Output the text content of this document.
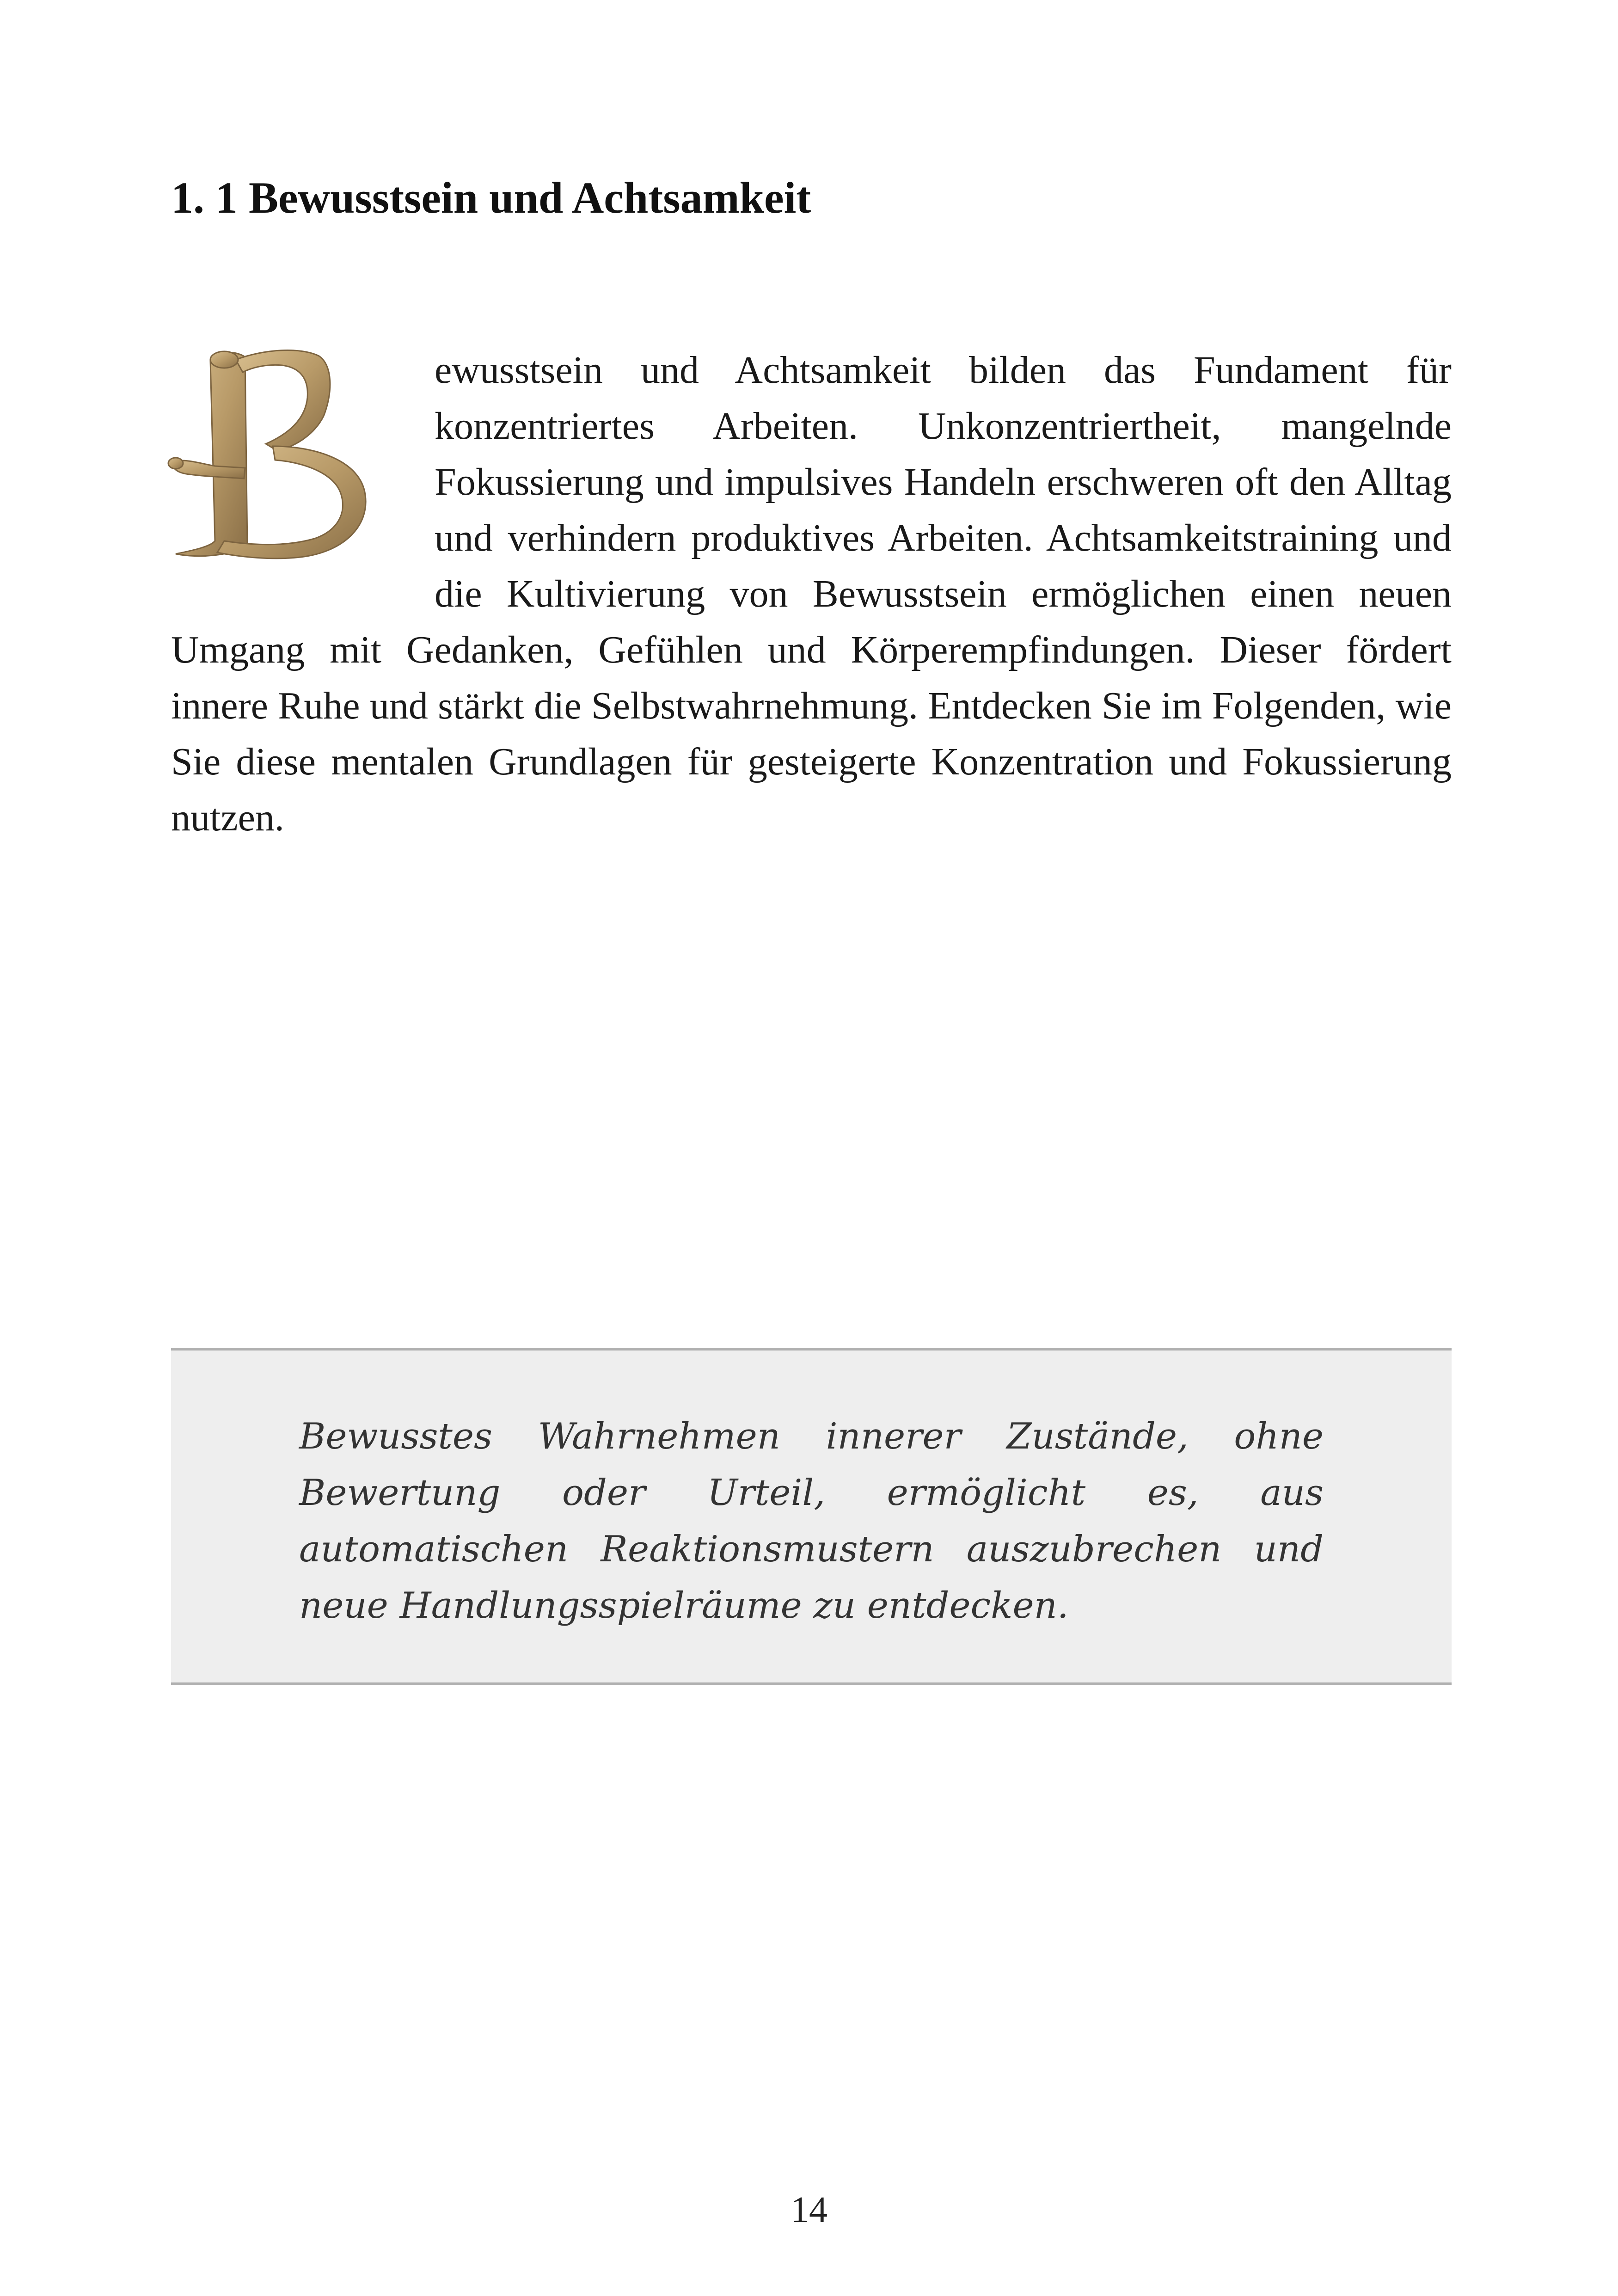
1. 1 Bewusstsein und Achtsamkeit
ewusstsein und Achtsamkeit bilden das Fundament für konzentriertes Arbeiten. Unkonzentriertheit, mangelnde Fokussierung und impulsives Handeln erschweren oft den Alltag und verhindern produktives Arbeiten. Achtsamkeitstraining und die Kultivierung von Bewusstsein ermöglichen einen neuen Umgang mit Gedanken, Gefühlen und Körperempfindungen. Dieser fördert innere Ruhe und stärkt die Selbstwahrnehmung. Entdecken Sie im Folgenden, wie Sie diese mentalen Grundlagen für gesteigerte Konzentration und Fokussierung nutzen.

Bewusstes Wahrnehmen innerer Zustände, ohne Bewertung oder Urteil, ermöglicht es, aus automatischen Reaktionsmustern auszubrechen und neue Handlungsspielräume zu entdecken.

14
